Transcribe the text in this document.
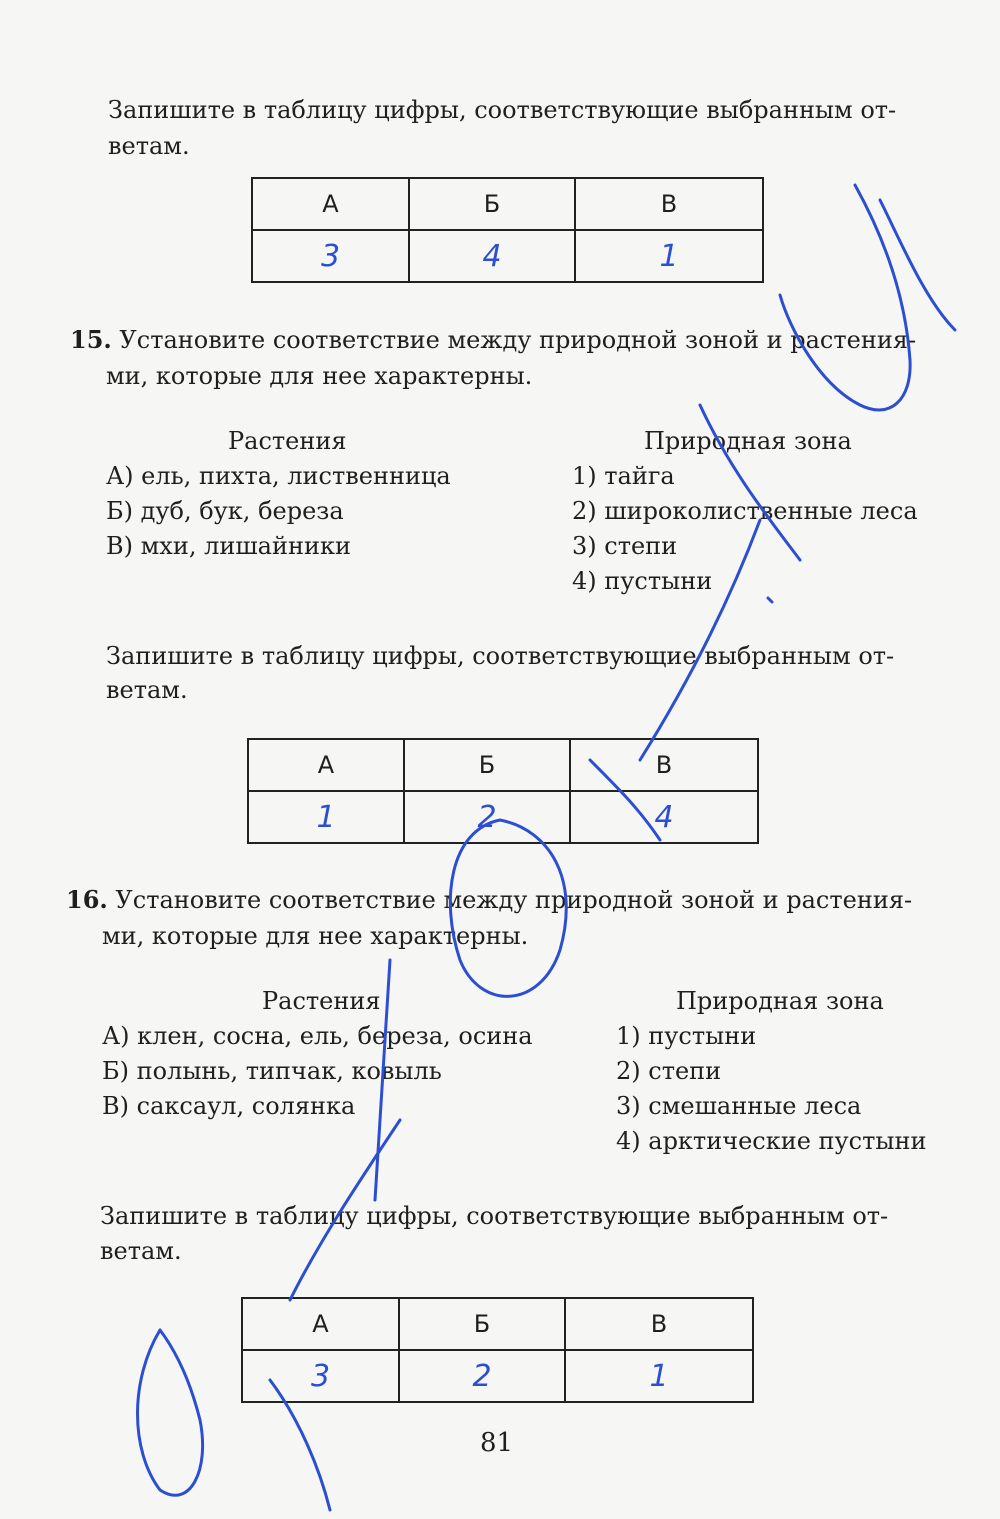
Запишите в таблицу цифры, соответствующие выбранным от-
ветам.
А	Б	В
3	4	1
15. Установите соответствие между природной зоной и растения-
ми, которые для нее характерны.
Растения	Природная зона
А) ель, пихта, лиственница
Б) дуб, бук, береза
В) мхи, лишайники
1) тайга
2) широколиственные леса
3) степи
4) пустыни
Запишите в таблицу цифры, соответствующие выбранным от-
ветам.
А	Б	В
1	2	4
16. Установите соответствие между природной зоной и растения-
ми, которые для нее характерны.
Растения	Природная зона
А) клен, сосна, ель, береза, осина
Б) полынь, типчак, ковыль
В) саксаул, солянка
1) пустыни
2) степи
3) смешанные леса
4) арктические пустыни
Запишите в таблицу цифры, соответствующие выбранным от-
ветам.
А	Б	В
3	2	1
81
